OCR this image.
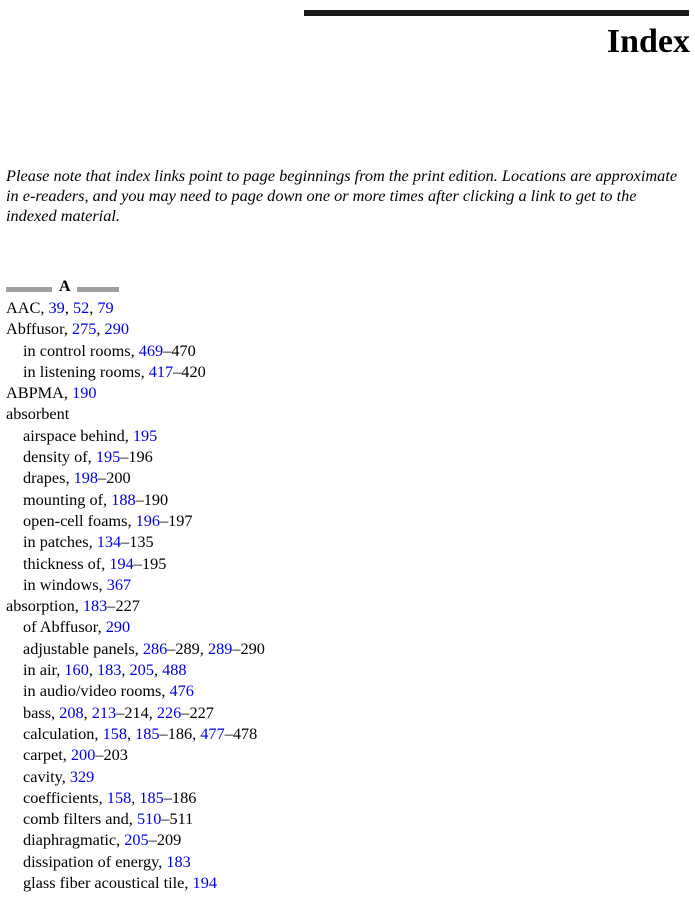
Index

Please note that index links point to page beginnings from the print edition. Locations are approximate in e-readers, and you may need to page down one or more times after clicking a link to get to the indexed material.

A
AAC, 39, 52, 79
Abffusor, 275, 290
in control rooms, 469–470
in listening rooms, 417–420
ABPMA, 190
absorbent
airspace behind, 195
density of, 195–196
drapes, 198–200
mounting of, 188–190
open-cell foams, 196–197
in patches, 134–135
thickness of, 194–195
in windows, 367
absorption, 183–227
of Abffusor, 290
adjustable panels, 286–289, 289–290
in air, 160, 183, 205, 488
in audio/video rooms, 476
bass, 208, 213–214, 226–227
calculation, 158, 185–186, 477–478
carpet, 200–203
cavity, 329
coefficients, 158, 185–186
comb filters and, 510–511
diaphragmatic, 205–209
dissipation of energy, 183
glass fiber acoustical tile, 194
